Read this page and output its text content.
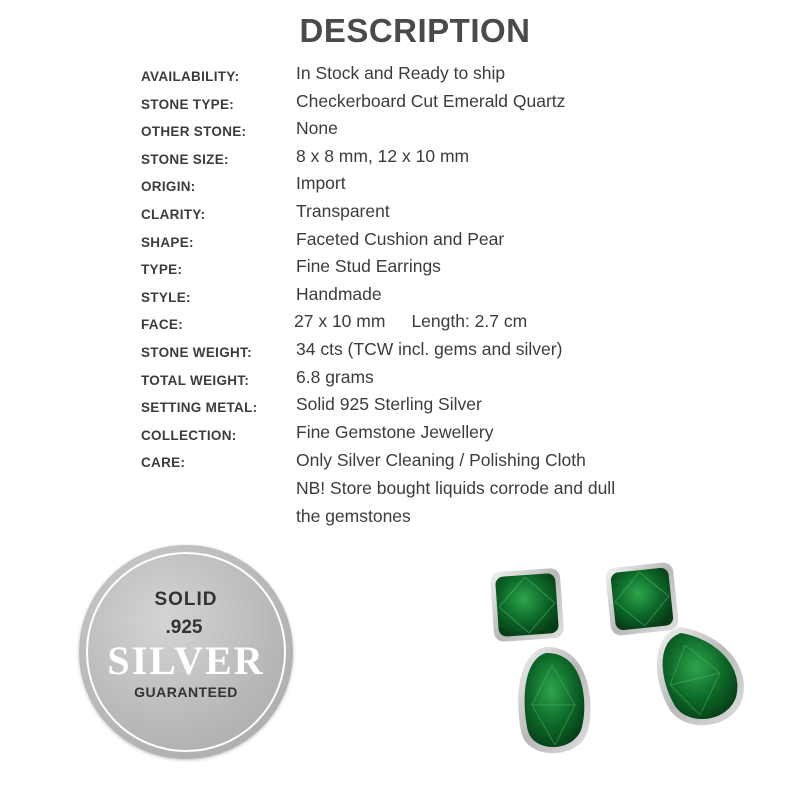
DESCRIPTION
AVAILABILITY:	In Stock and Ready to ship
STONE TYPE:	Checkerboard Cut Emerald Quartz
OTHER STONE:	None
STONE SIZE:	8 x 8 mm, 12 x 10 mm
ORIGIN:	Import
CLARITY:	Transparent
SHAPE:	Faceted Cushion and Pear
TYPE:	Fine Stud Earrings
STYLE:	Handmade
FACE:	27 x 10 mm Length: 2.7 cm
STONE WEIGHT:	34 cts (TCW incl. gems and silver)
TOTAL WEIGHT:	6.8 grams
SETTING METAL: Solid 925 Sterling Silver
COLLECTION:	Fine Gemstone Jewellery
CARE:	Only Silver Cleaning / Polishing Cloth
NB! Store bought liquids corrode and dull
the gemstones
SOLID
.925
SILVER
GUARANTEED
